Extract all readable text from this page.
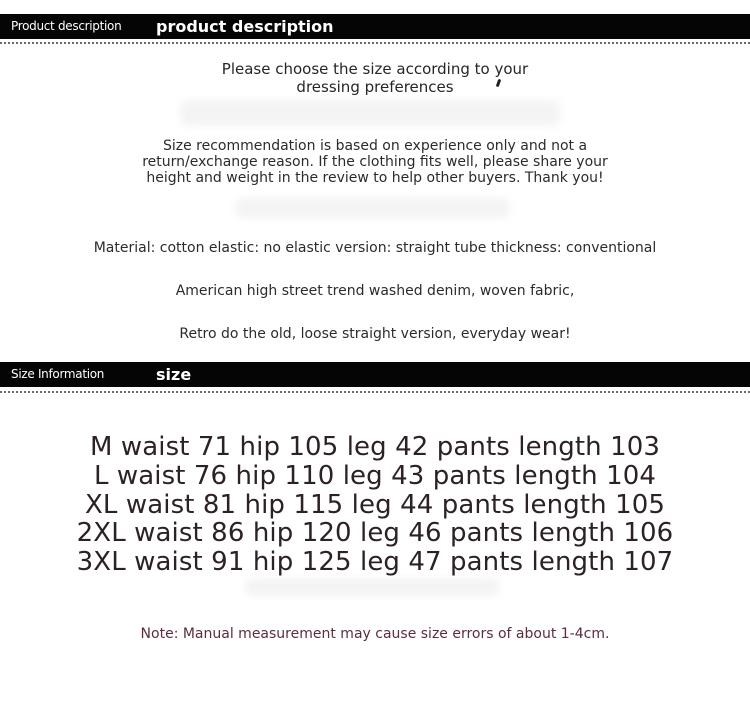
Product description product description
Please choose the size according to your
dressing preferences
Size recommendation is based on experience only and not a
return/exchange reason. If the clothing fits well, please share your
height and weight in the review to help other buyers. Thank you!
Material: cotton elastic: no elastic version: straight tube thickness: conventional
American high street trend washed denim, woven fabric,
Retro do the old, loose straight version, everyday wear!
Size Information	size
M waist 71 hip 105 leg 42 pants length 103
L waist 76 hip 110 leg 43 pants length 104
XL waist 81 hip 115 leg 44 pants length 105
2XL waist 86 hip 120 leg 46 pants length 106
3XL waist 91 hip 125 leg 47 pants length 107
Note: Manual measurement may cause size errors of about 1-4cm.
